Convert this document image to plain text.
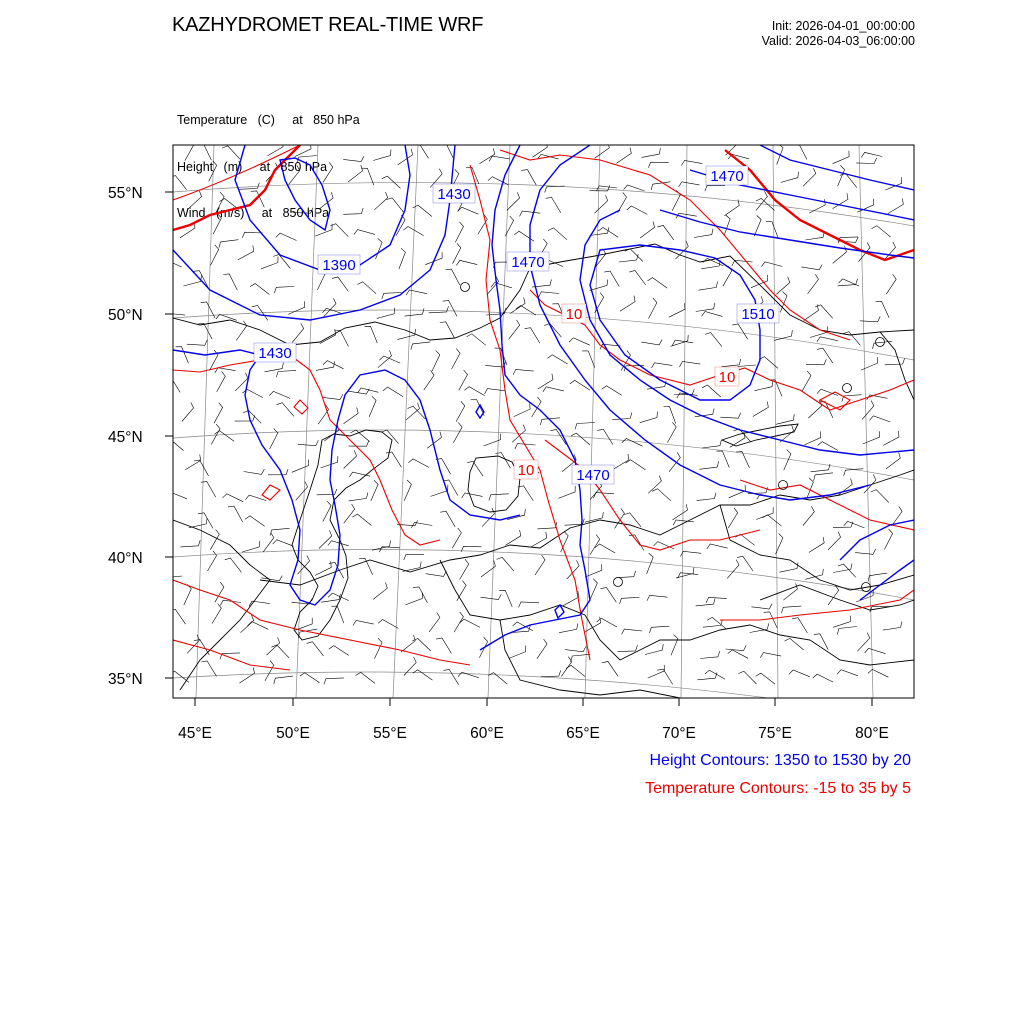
KAZHYDROMET REAL-TIME WRF	Init: 2026-04-01_00:00:00
Valid: 2026-04-03_06:00:00

Temperature   (C)     at   850 hPa

Height   (m)     at   850 hPa

Wind   (m/s)     at   850 hPa

1430
1390	1470
1470
1510
1430
1470
10
10
10
55°N
50°N
45°N
40°N
35°N
45°E	50°E	55°E	60°E	65°E	70°E	75°E	80°E
Height Contours: 1350 to 1530 by 20
Temperature Contours: -15 to 35 by 5
